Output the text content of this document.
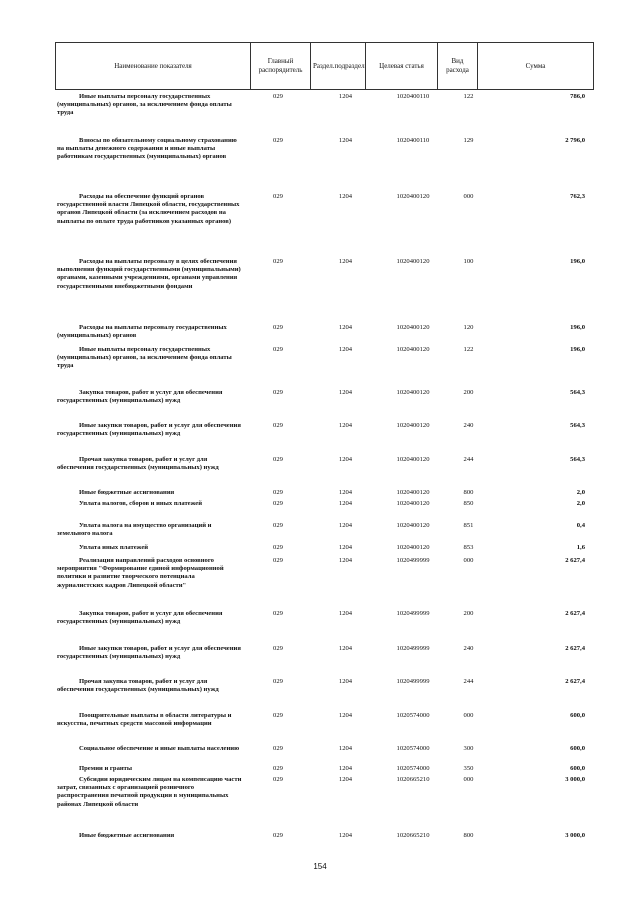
Наименование показателя	Главный распорядитель	Раздел.подраздел	Целевая статья	Вид расхода	Сумма
Иные выплаты персоналу государственных (муниципальных) органов, за исключением фонда оплаты труда
029	1204	1020400110	122	786,0
Взносы по обязательному социальному страхованию на выплаты денежного содержания и иные выплаты работникам государственных (муниципальных) органов
029	1204	1020400110	129	2 796,0
Расходы на обеспечение функций органов государственной власти Липецкой области, государственных органов Липецкой области (за исключением расходов на выплаты по оплате труда работников указанных органов)
029	1204	1020400120	000	762,3
Расходы на выплаты персоналу в целях обеспечения выполнения функций государственными (муниципальными) органами, казенными учреждениями, органами управления государственными внебюджетными фондами
029	1204	1020400120	100	196,0
Расходы на выплаты персоналу государственных (муниципальных) органов
029	1204	1020400120	120	196,0
Иные выплаты персоналу государственных (муниципальных) органов, за исключением фонда оплаты труда
029	1204	1020400120	122	196,0
Закупка товаров, работ и услуг для обеспечения государственных (муниципальных) нужд
029	1204	1020400120	200	564,3
Иные закупки товаров, работ и услуг для обеспечения государственных (муниципальных) нужд
029	1204	1020400120	240	564,3
Прочая закупка товаров, работ и услуг для обеспечения государственных (муниципальных) нужд
029	1204	1020400120	244	564,3
Иные бюджетные ассигнования	029	1204	1020400120	800	2,0
Уплата налогов, сборов и иных платежей	029	1204	1020400120	850	2,0
Уплата налога на имущество организаций и земельного налога
029	1204	1020400120	851	0,4
Уплата иных платежей	029	1204	1020400120	853	1,6
Реализация направлений расходов основного мероприятия "Формирование единой информационной политики и развитие творческого потенциала журналистских кадров Липецкой области"
029	1204	1020499999	000	2 627,4
Закупка товаров, работ и услуг для обеспечения государственных (муниципальных) нужд
029	1204	1020499999	200	2 627,4
Иные закупки товаров, работ и услуг для обеспечения государственных (муниципальных) нужд
029	1204	1020499999	240	2 627,4
Прочая закупка товаров, работ и услуг для обеспечения государственных (муниципальных) нужд
029	1204	1020499999	244	2 627,4
Поощрительные выплаты в области литературы и искусства, печатных средств массовой информации
029	1204	1020574000	000	600,0
Социальное обеспечение и иные выплаты населению	029	1204	1020574000	300	600,0
Премии и гранты	029	1204	1020574000	350	600,0
Субсидии юридическим лицам на компенсацию части затрат, связанных с организацией розничного распространения печатной продукции в муниципальных районах Липецкой области
029	1204	1020665210	000	3 000,0
Иные бюджетные ассигнования	029	1204	1020665210	800	3 000,0
154
